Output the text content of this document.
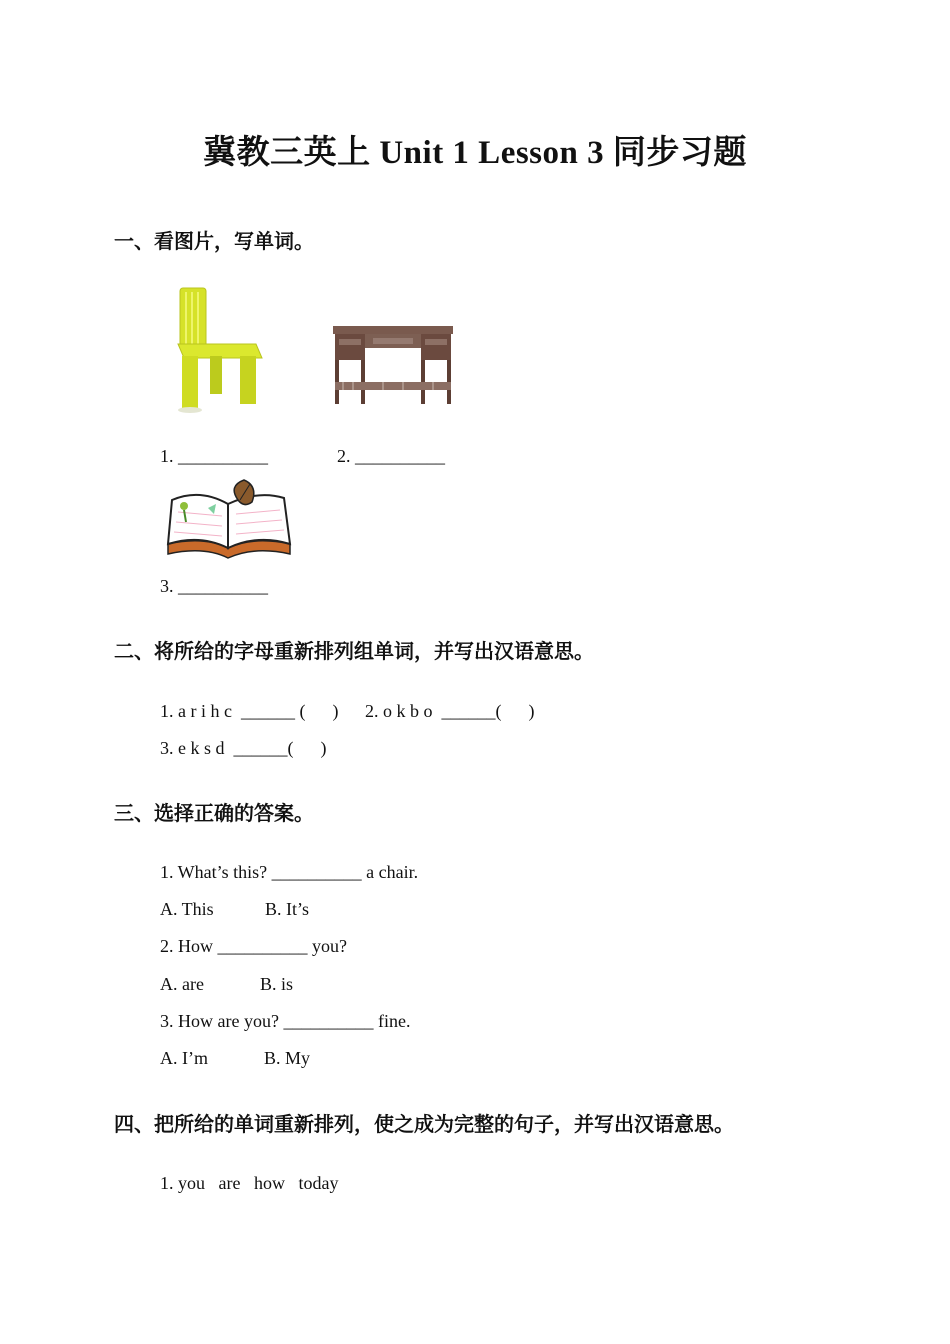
冀教三英上 Unit 1 Lesson 3 同步习题
一、看图片，写单词。
1. __________	2. __________
3. __________
二、将所给的字母重新排列组单词，并写出汉语意思。
1. a r i h c  ______ (      ) 2. o k b o  ______(      )
3. e k s d  ______(      )
三、选择正确的答案。
1. What’s this? __________ a chair.
A. This	B. It’s
2. How __________ you?
A. are	B. is
3. How are you? __________ fine.
A. I’m	B. My
四、把所给的单词重新排列，使之成为完整的句子，并写出汉语意思。
1. you   are   how   today
